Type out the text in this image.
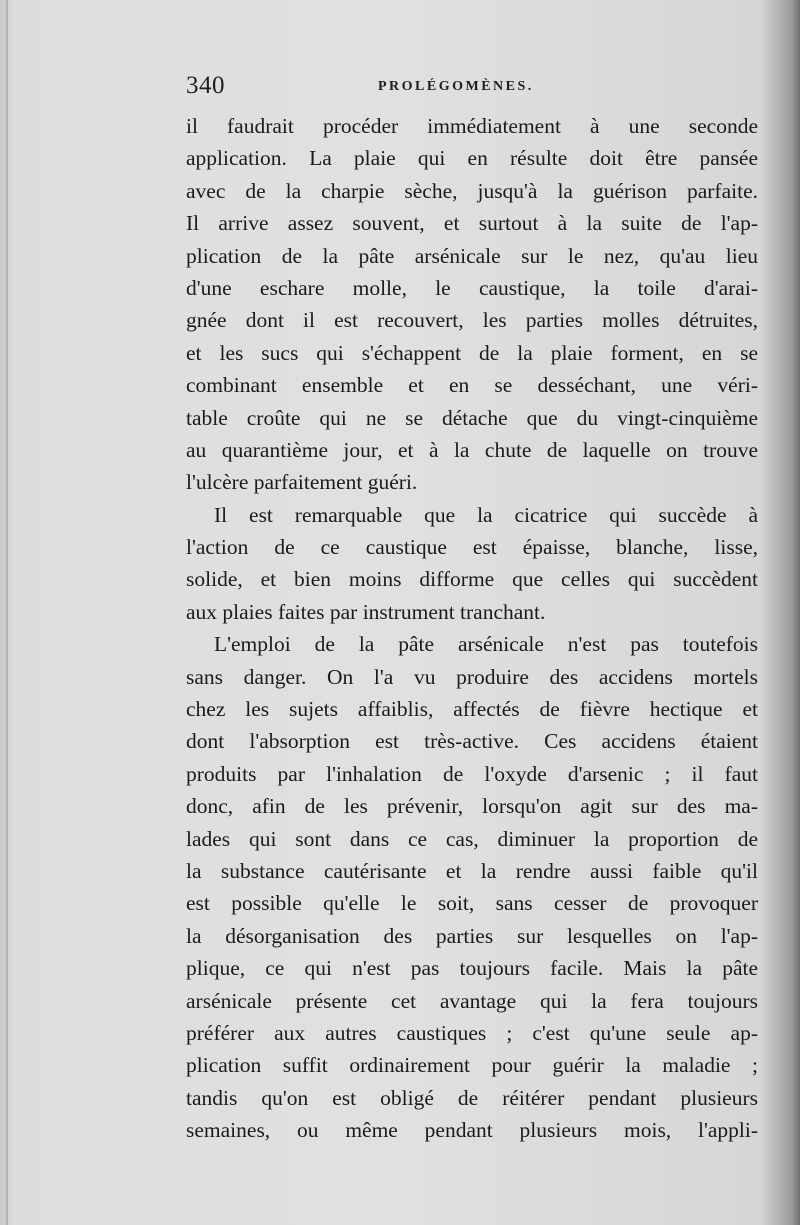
340	PROLÉGOMÈNES.
il faudrait procéder immédiatement à une seconde
application. La plaie qui en résulte doit être pansée
avec de la charpie sèche, jusqu'à la guérison parfaite.
Il arrive assez souvent, et surtout à la suite de l'ap-
plication de la pâte arsénicale sur le nez, qu'au lieu
d'une eschare molle, le caustique, la toile d'arai-
gnée dont il est recouvert, les parties molles détruites,
et les sucs qui s'échappent de la plaie forment, en se
combinant ensemble et en se desséchant, une véri-
table croûte qui ne se détache que du vingt-cinquième
au quarantième jour, et à la chute de laquelle on trouve
l'ulcère parfaitement guéri.
Il est remarquable que la cicatrice qui succède à
l'action de ce caustique est épaisse, blanche, lisse,
solide, et bien moins difforme que celles qui succèdent
aux plaies faites par instrument tranchant.
L'emploi de la pâte arsénicale n'est pas toutefois
sans danger. On l'a vu produire des accidens mortels
chez les sujets affaiblis, affectés de fièvre hectique et
dont l'absorption est très-active. Ces accidens étaient
produits par l'inhalation de l'oxyde d'arsenic ; il faut
donc, afin de les prévenir, lorsqu'on agit sur des ma-
lades qui sont dans ce cas, diminuer la proportion de
la substance cautérisante et la rendre aussi faible qu'il
est possible qu'elle le soit, sans cesser de provoquer
la désorganisation des parties sur lesquelles on l'ap-
plique, ce qui n'est pas toujours facile. Mais la pâte
arsénicale présente cet avantage qui la fera toujours
préférer aux autres caustiques ; c'est qu'une seule ap-
plication suffit ordinairement pour guérir la maladie ;
tandis qu'on est obligé de réitérer pendant plusieurs
semaines, ou même pendant plusieurs mois, l'appli-
